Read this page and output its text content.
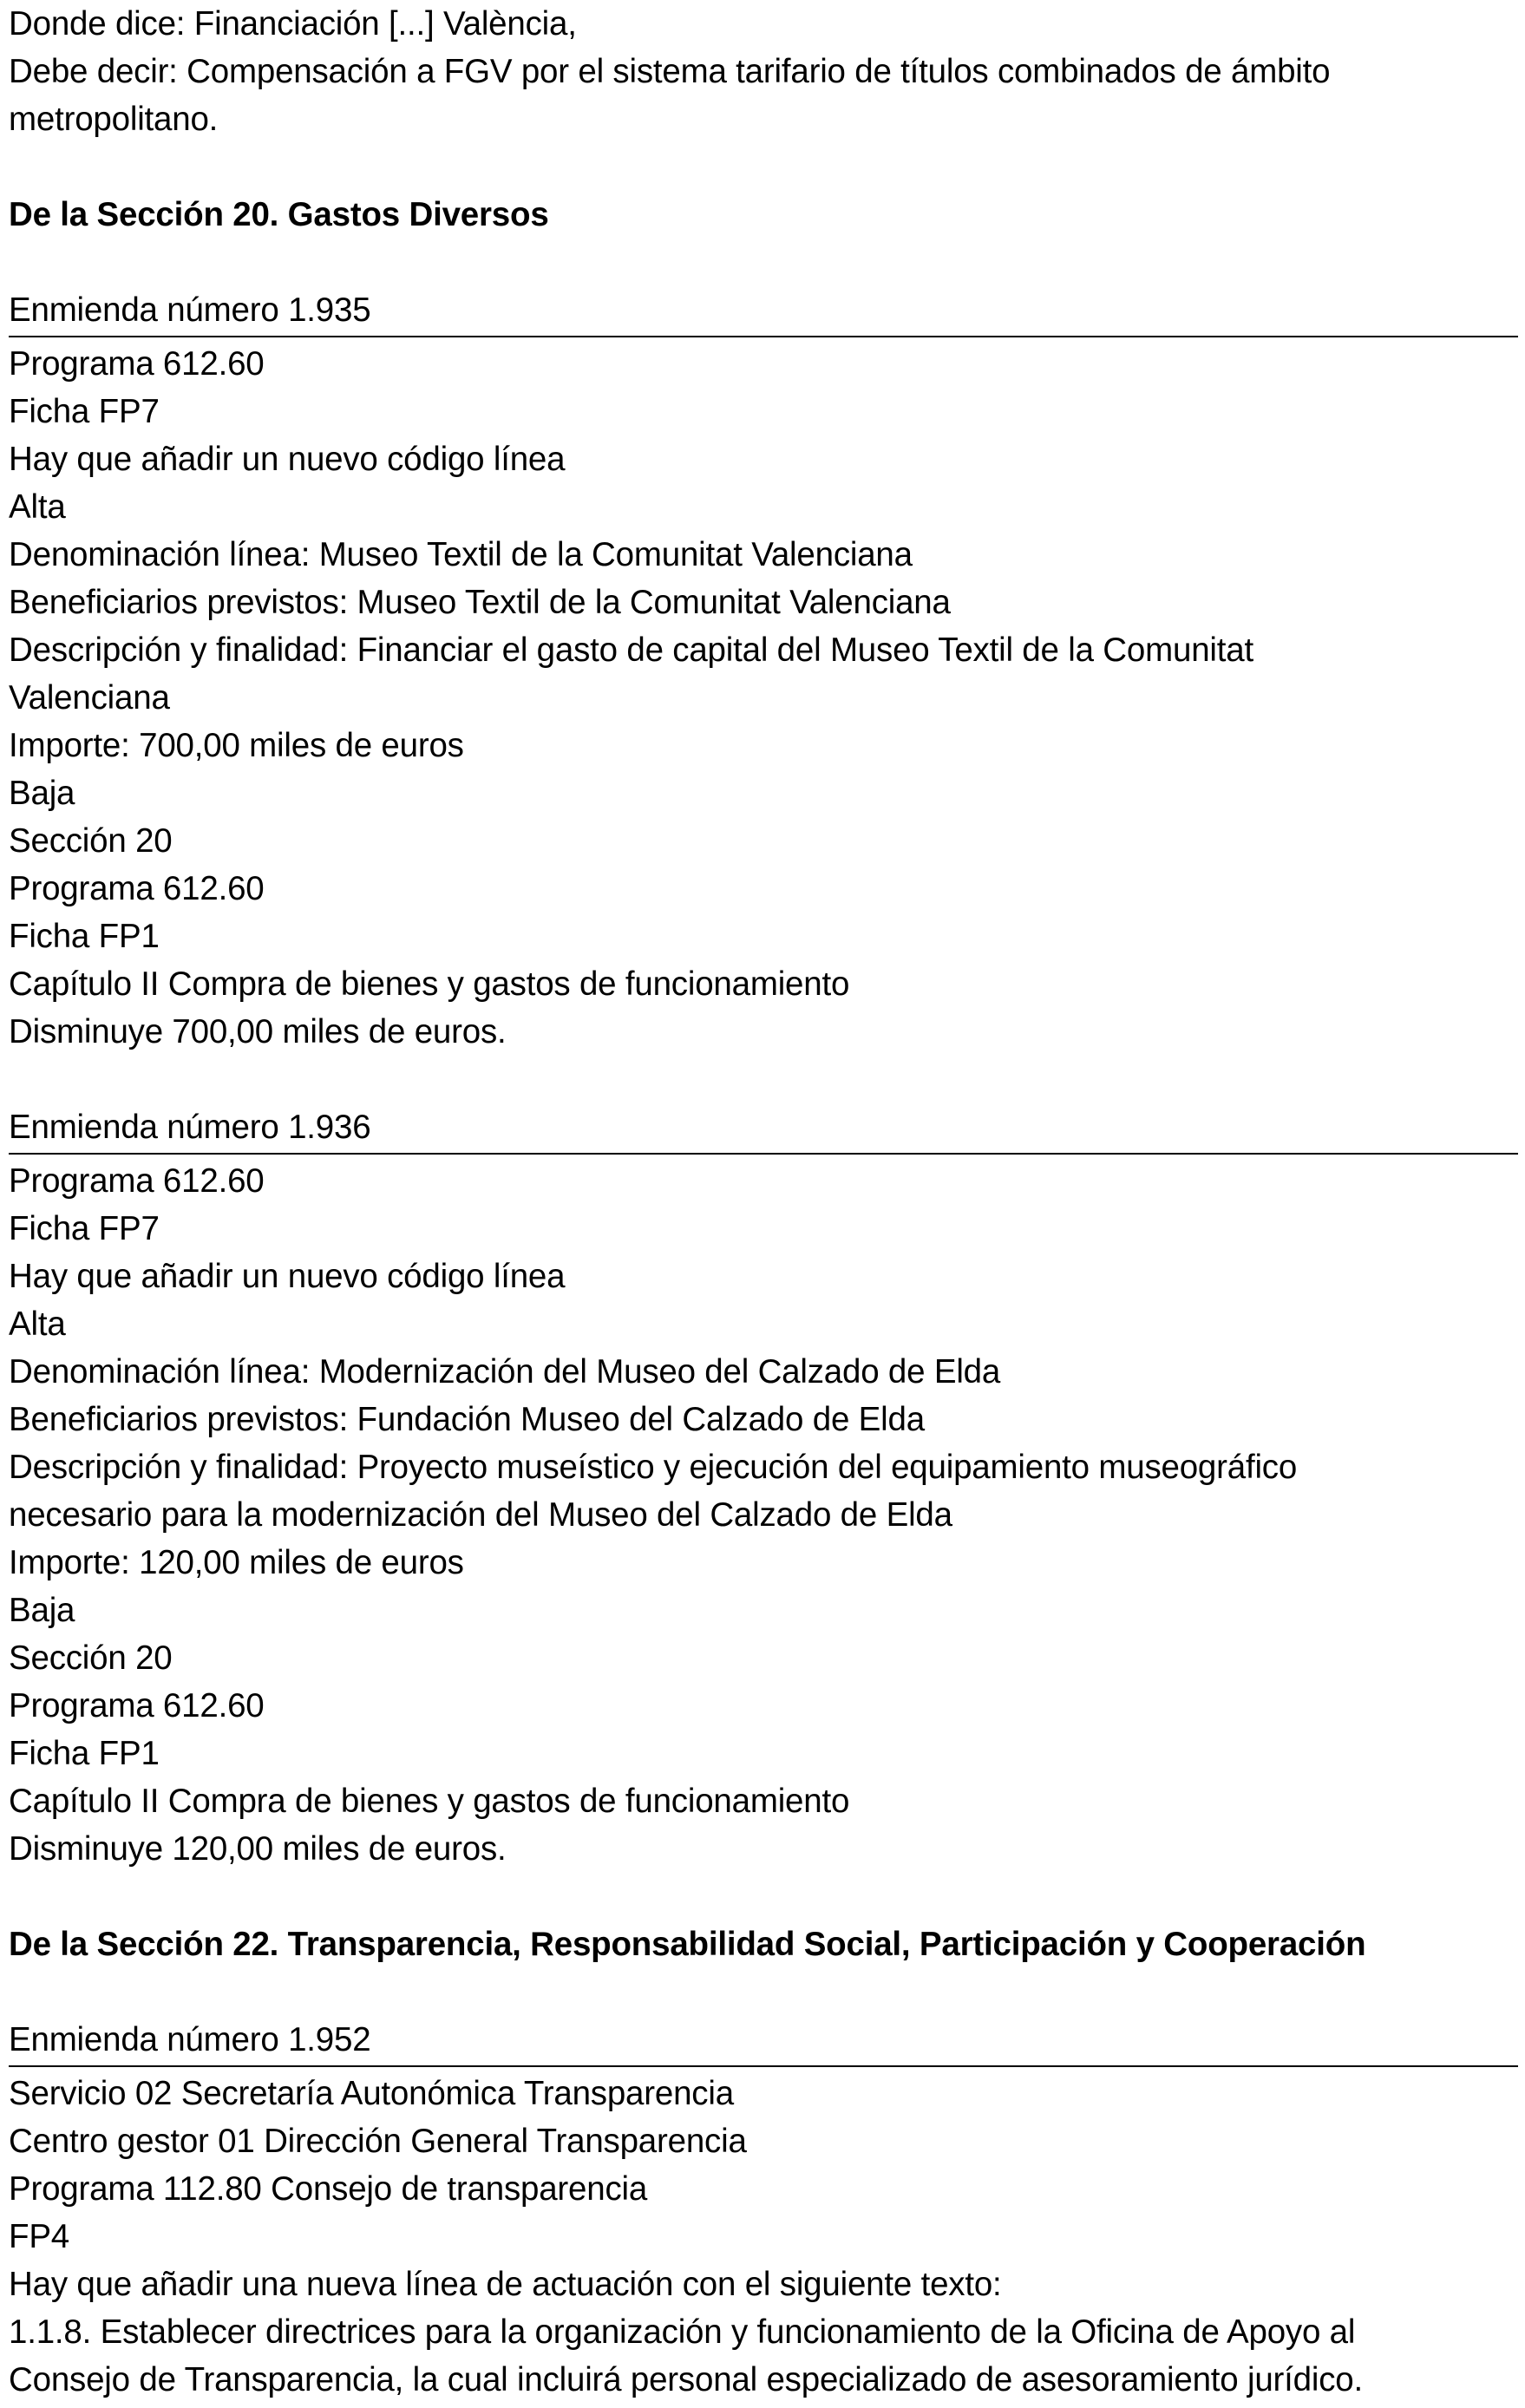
Donde dice: Financiación [...] València,
Debe decir: Compensación a FGV por el sistema tarifario de títulos combinados de ámbito
metropolitano.
De la Sección 20. Gastos Diversos
Enmienda número 1.935
Programa 612.60
Ficha FP7
Hay que añadir un nuevo código línea
Alta
Denominación línea: Museo Textil de la Comunitat Valenciana
Beneficiarios previstos: Museo Textil de la Comunitat Valenciana
Descripción y finalidad: Financiar el gasto de capital del Museo Textil de la Comunitat
Valenciana
Importe: 700,00 miles de euros
Baja
Sección 20
Programa 612.60
Ficha FP1
Capítulo II Compra de bienes y gastos de funcionamiento
Disminuye 700,00 miles de euros.
Enmienda número 1.936
Programa 612.60
Ficha FP7
Hay que añadir un nuevo código línea
Alta
Denominación línea: Modernización del Museo del Calzado de Elda
Beneficiarios previstos: Fundación Museo del Calzado de Elda
Descripción y finalidad: Proyecto museístico y ejecución del equipamiento museográfico
necesario para la modernización del Museo del Calzado de Elda
Importe: 120,00 miles de euros
Baja
Sección 20
Programa 612.60
Ficha FP1
Capítulo II Compra de bienes y gastos de funcionamiento
Disminuye 120,00 miles de euros.
De la Sección 22. Transparencia, Responsabilidad Social, Participación y Cooperación
Enmienda número 1.952
Servicio 02 Secretaría Autonómica Transparencia
Centro gestor 01 Dirección General Transparencia
Programa 112.80 Consejo de transparencia
FP4
Hay que añadir una nueva línea de actuación con el siguiente texto:
1.1.8. Establecer directrices para la organización y funcionamiento de la Oficina de Apoyo al
Consejo de Transparencia, la cual incluirá personal especializado de asesoramiento jurídico.
